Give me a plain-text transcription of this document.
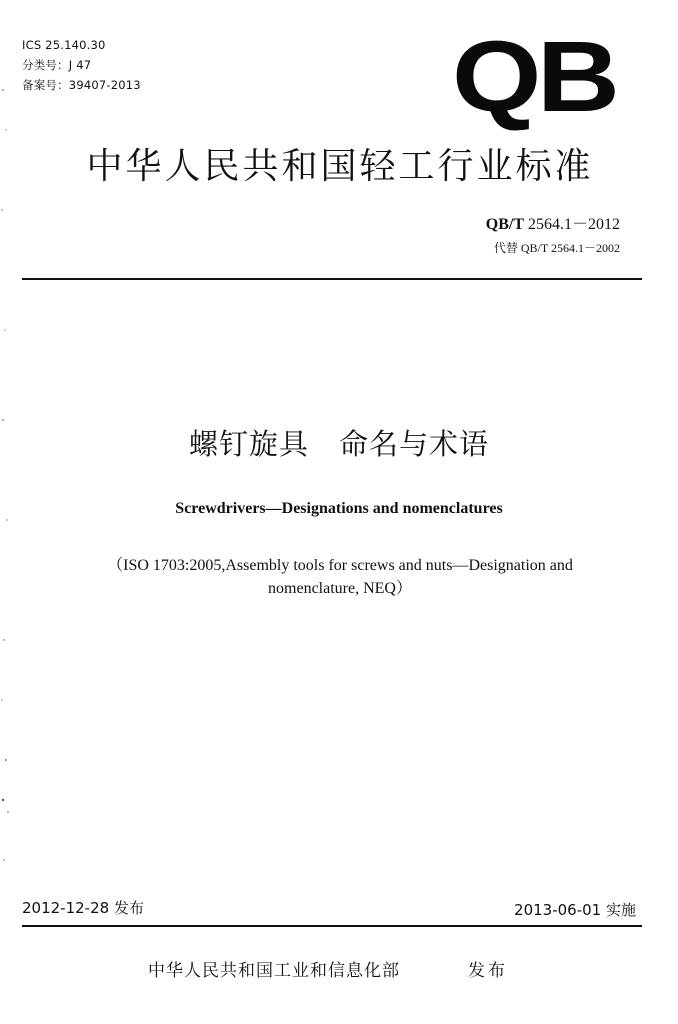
ICS 25.140.30
分类号：J 47
备案号：39407-2013	QB
中华人民共和国轻工行业标准
QB/T 2564.1－2012
代替 QB/T 2564.1－2002
螺钉旋具　命名与术语
Screwdrivers—Designations and nomenclatures
（ISO 1703:2005,Assembly tools for screws and nuts—Designation and
nomenclature, NEQ）
2012-12-28 发布	2013-06-01 实施
中华人民共和国工业和信息化部	发布
